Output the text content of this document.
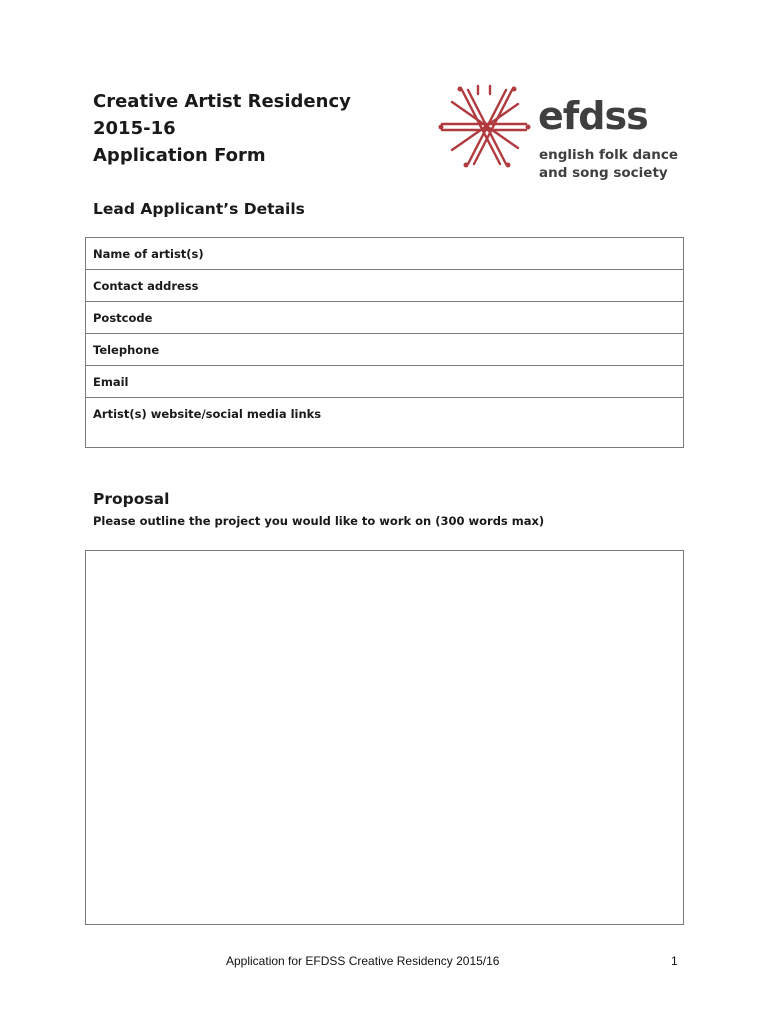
Creative Artist Residency
2015-16
Application Form
efdss
english folk dance
and song society
Lead Applicant’s Details
Name of artist(s)
Contact address
Postcode
Telephone
Email
Artist(s) website/social media links
Proposal
Please outline the project you would like to work on (300 words max)
Application for EFDSS Creative Residency 2015/16	1
